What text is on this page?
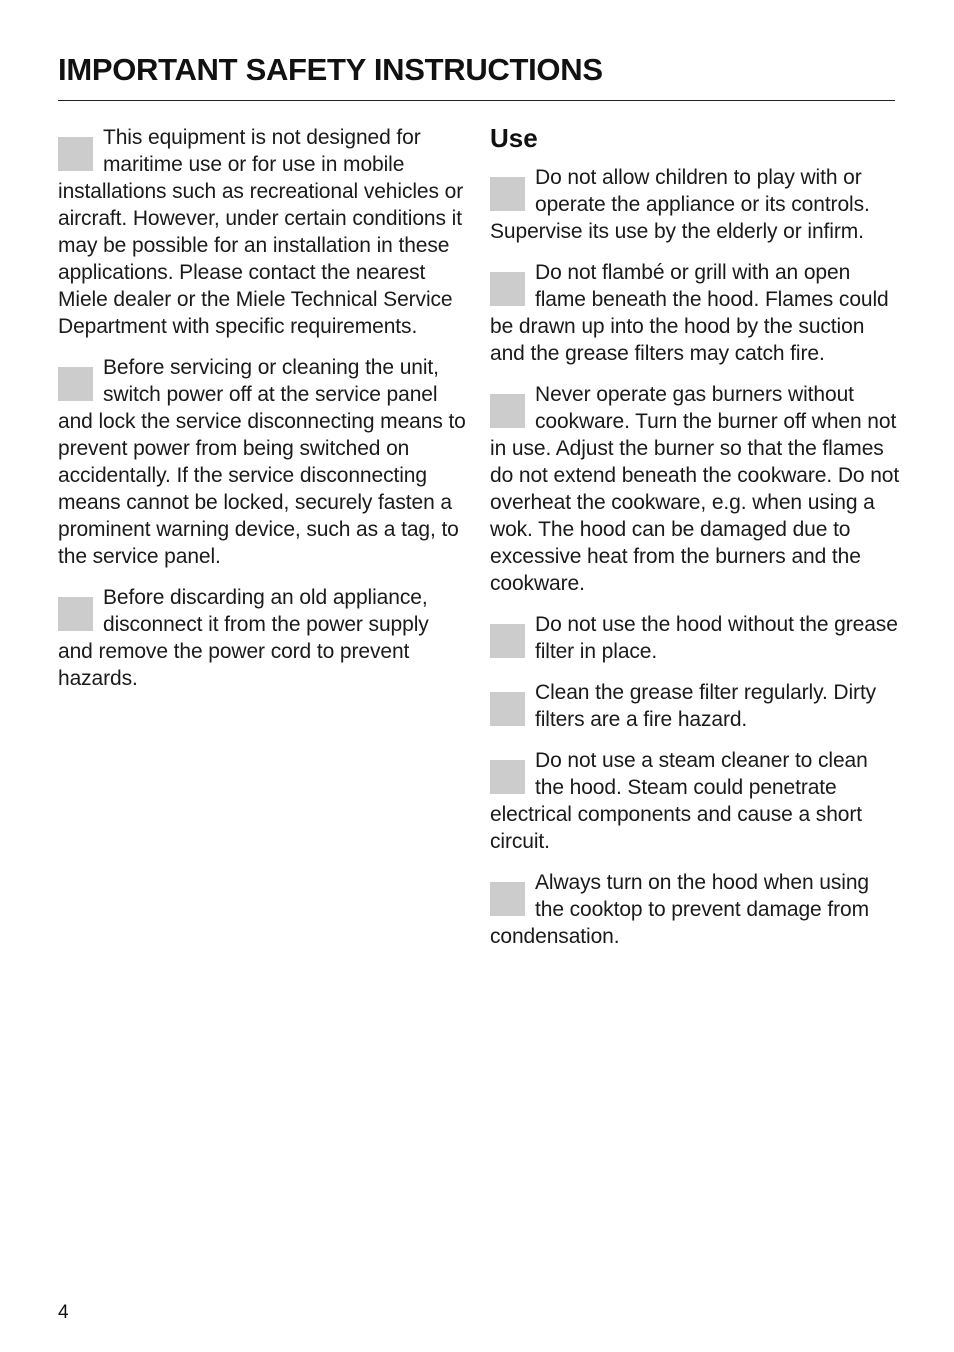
IMPORTANT SAFETY INSTRUCTIONS

This equipment is not designed for maritime use or for use in mobile installations such as recreational vehicles or aircraft. However, under certain conditions it may be possible for an installation in these applications. Please contact the nearest Miele dealer or the Miele Technical Service Department with specific requirements.

Before servicing or cleaning the unit, switch power off at the service panel and lock the service disconnecting means to prevent power from being switched on accidentally. If the service disconnecting means cannot be locked, securely fasten a prominent warning device, such as a tag, to the service panel.

Before discarding an old appliance, disconnect it from the power supply and remove the power cord to prevent hazards.

Use

Do not allow children to play with or operate the appliance or its controls. Supervise its use by the elderly or infirm.

Do not flambé or grill with an open flame beneath the hood. Flames could be drawn up into the hood by the suction and the grease filters may catch fire.

Never operate gas burners without cookware. Turn the burner off when not in use. Adjust the burner so that the flames do not extend beneath the cookware. Do not overheat the cookware, e.g. when using a wok. The hood can be damaged due to excessive heat from the burners and the cookware.

Do not use the hood without the grease filter in place.

Clean the grease filter regularly. Dirty filters are a fire hazard.

Do not use a steam cleaner to clean the hood. Steam could penetrate electrical components and cause a short circuit.

Always turn on the hood when using the cooktop to prevent damage from condensation.

4
